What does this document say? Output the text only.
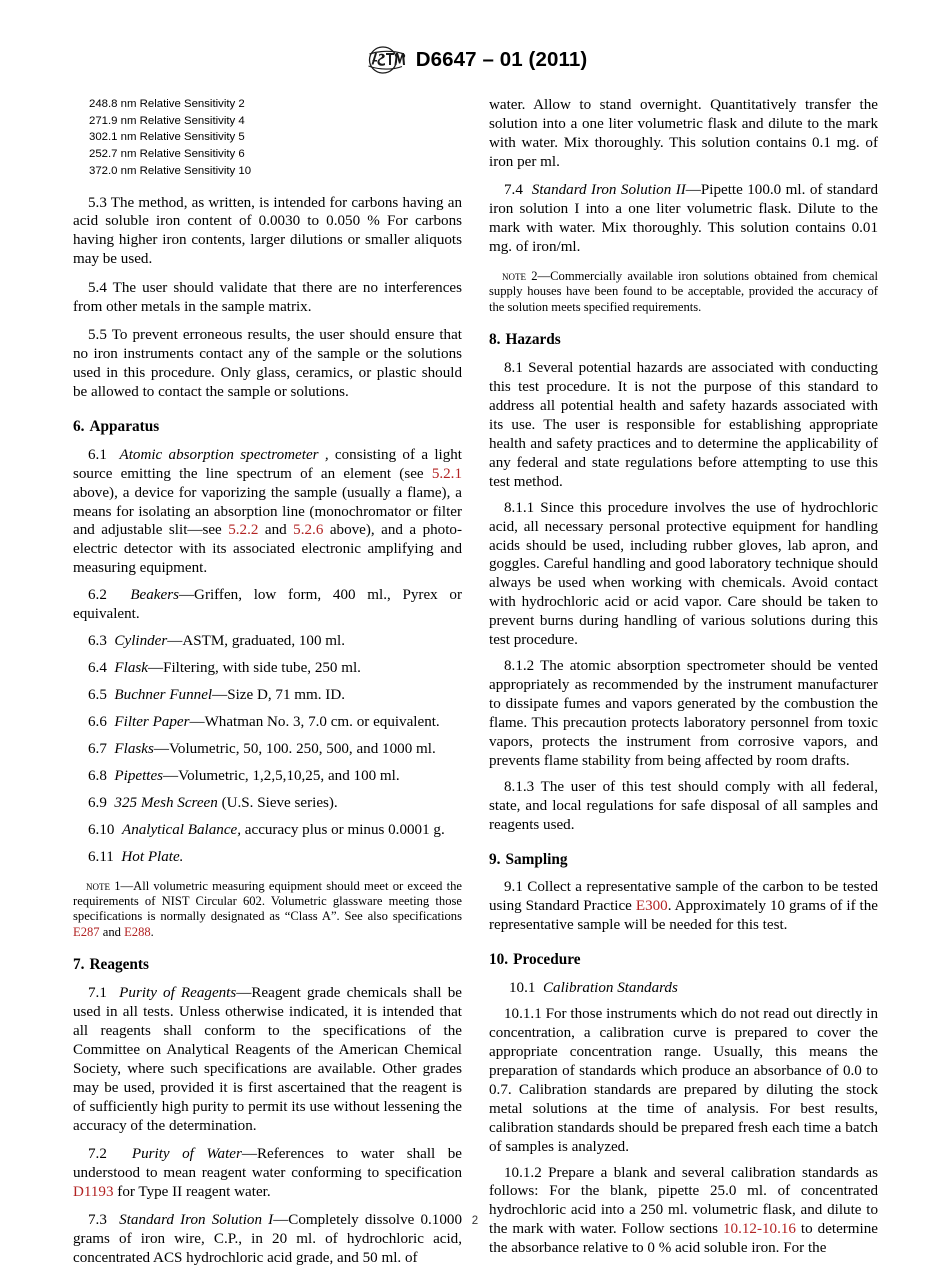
D6647 – 01 (2011)
248.8 nm Relative Sensitivity 2
271.9 nm Relative Sensitivity 4
302.1 nm Relative Sensitivity 5
252.7 nm Relative Sensitivity 6
372.0 nm Relative Sensitivity 10

5.3 The method, as written, is intended for carbons having an acid soluble iron content of 0.0030 to 0.050 % For carbons having higher iron contents, larger dilutions or smaller aliquots may be used.

5.4 The user should validate that there are no interferences from other metals in the sample matrix.

5.5 To prevent erroneous results, the user should ensure that no iron instruments contact any of the sample or the solutions used in this procedure. Only glass, ceramics, or plastic should be allowed to contact the sample or solutions.

6. Apparatus

6.1 Atomic absorption spectrometer , consisting of a light source emitting the line spectrum of an element (see 5.2.1 above), a device for vaporizing the sample (usually a flame), a means for isolating an absorption line (monochromator or filter and adjustable slit—see 5.2.2 and 5.2.6 above), and a photo-electric detector with its associated electronic amplifying and measuring equipment.

6.2 Beakers—Griffen, low form, 400 ml., Pyrex or equivalent.

6.3 Cylinder—ASTM, graduated, 100 ml.

6.4 Flask—Filtering, with side tube, 250 ml.

6.5 Buchner Funnel—Size D, 71 mm. ID.

6.6 Filter Paper—Whatman No. 3, 7.0 cm. or equivalent.

6.7 Flasks—Volumetric, 50, 100. 250, 500, and 1000 ml.

6.8 Pipettes—Volumetric, 1,2,5,10,25, and 100 ml.

6.9 325 Mesh Screen (U.S. Sieve series).

6.10 Analytical Balance, accuracy plus or minus 0.0001 g.

6.11 Hot Plate.

note 1—All volumetric measuring equipment should meet or exceed the requirements of NIST Circular 602. Volumetric glassware meeting those specifications is normally designated as “Class A”. See also specifications E287 and E288.

7. Reagents

7.1 Purity of Reagents—Reagent grade chemicals shall be used in all tests. Unless otherwise indicated, it is intended that all reagents shall conform to the specifications of the Committee on Analytical Reagents of the American Chemical Society, where such specifications are available. Other grades may be used, provided it is first ascertained that the reagent is of sufficiently high purity to permit its use without lessening the accuracy of the determination.

7.2 Purity of Water—References to water shall be understood to mean reagent water conforming to specification D1193 for Type II reagent water.

7.3 Standard Iron Solution I—Completely dissolve 0.1000 grams of iron wire, C.P., in 20 ml. of hydrochloric acid, concentrated ACS hydrochloric acid grade, and 50 ml. of

water. Allow to stand overnight. Quantitatively transfer the solution into a one liter volumetric flask and dilute to the mark with water. Mix thoroughly. This solution contains 0.1 mg. of iron per ml.

7.4 Standard Iron Solution II—Pipette 100.0 ml. of standard iron solution I into a one liter volumetric flask. Dilute to the mark with water. Mix thoroughly. This solution contains 0.01 mg. of iron/ml.

note 2—Commercially available iron solutions obtained from chemical supply houses have been found to be acceptable, provided the accuracy of the solution meets specified requirements.

8. Hazards

8.1 Several potential hazards are associated with conducting this test procedure. It is not the purpose of this standard to address all potential health and safety hazards associated with its use. The user is responsible for establishing appropriate health and safety practices and to determine the applicability of any federal and state regulations before attempting to use this test method.

8.1.1 Since this procedure involves the use of hydrochloric acid, all necessary personal protective equipment for handling acids should be used, including rubber gloves, lab apron, and goggles. Careful handling and good laboratory technique should always be used when working with chemicals. Avoid contact with hydrochloric acid or acid vapor. Care should be taken to prevent burns during handling of various solutions during this test procedure.

8.1.2 The atomic absorption spectrometer should be vented appropriately as recommended by the instrument manufacturer to dissipate fumes and vapors generated by the combustion the flame. This precaution protects laboratory personnel from toxic vapors, protects the instrument from corrosive vapors, and prevents flame stability from being affected by room drafts.

8.1.3 The user of this test should comply with all federal, state, and local regulations for safe disposal of all samples and reagents used.

9. Sampling

9.1 Collect a representative sample of the carbon to be tested using Standard Practice E300. Approximately 10 grams of if the representative sample will be needed for this test.

10. Procedure

10.1 Calibration Standards

10.1.1 For those instruments which do not read out directly in concentration, a calibration curve is prepared to cover the appropriate concentration range. Usually, this means the preparation of standards which produce an absorbance of 0.0 to 0.7. Calibration standards are prepared by diluting the stock metal solutions at the time of analysis. For best results, calibration standards should be prepared fresh each time a batch of samples is analyzed.

10.1.2 Prepare a blank and several calibration standards as follows: For the blank, pipette 25.0 ml. of concentrated hydrochloric acid into a 250 ml. volumetric flask, and dilute to the mark with water. Follow sections 10.12-10.16 to determine the absorbance relative to 0 % acid soluble iron. For the

2
